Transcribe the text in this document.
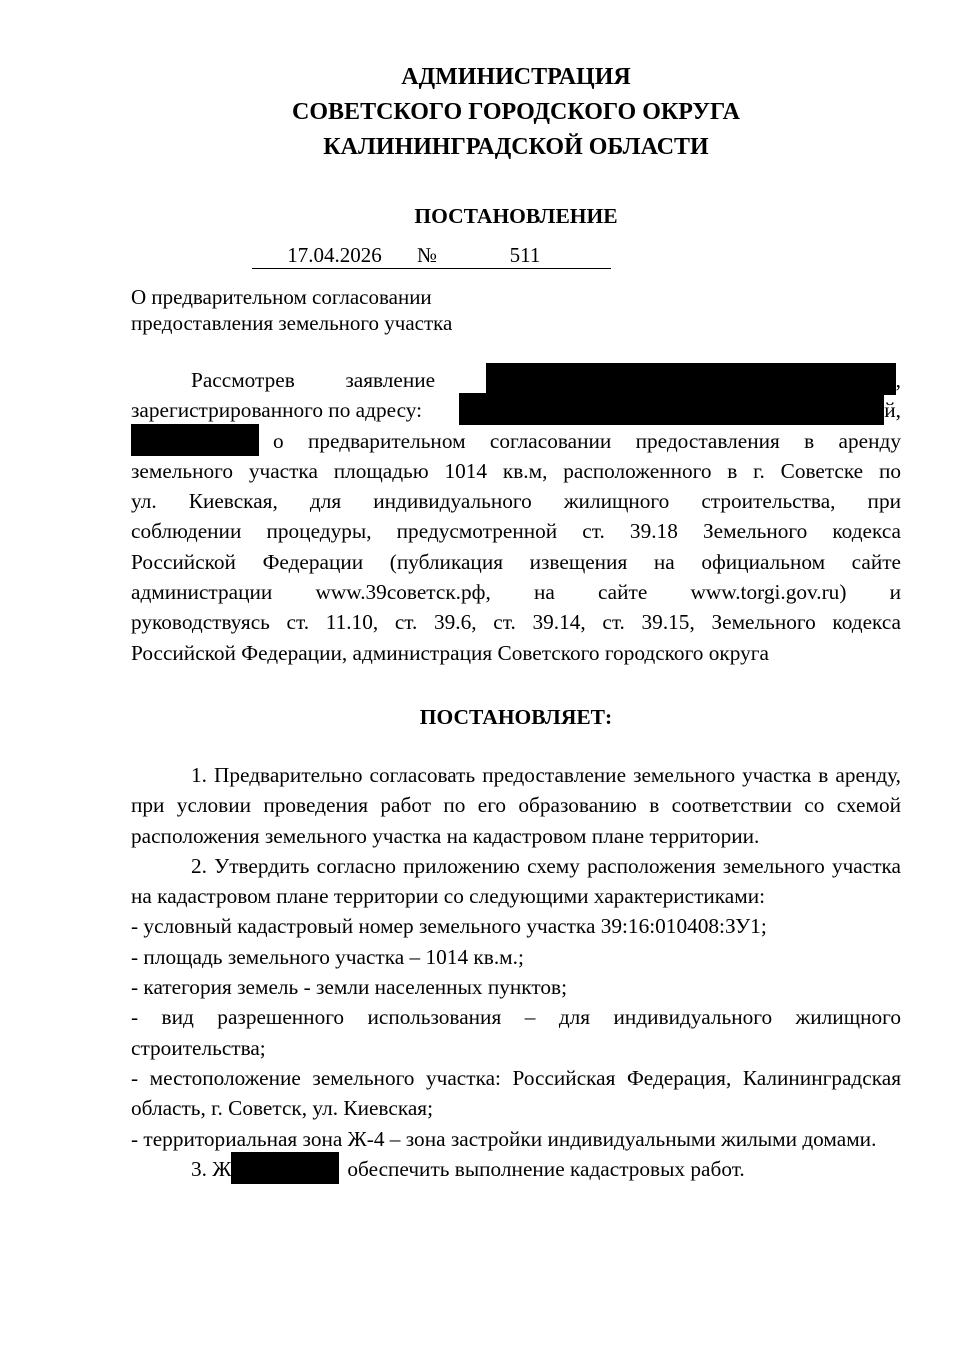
АДМИНИСТРАЦИЯ
СОВЕТСКОГО ГОРОДСКОГО ОКРУГА
КАЛИНИНГРАДСКОЙ ОБЛАСТИ
ПОСТАНОВЛЕНИЕ
17.04.2026 №	511
О предварительном согласовании
предоставления земельного участка
Рассмотрев заявление	,
зарегистрированного по адресу:	й,
о предварительном согласовании предоставления в аренду

земельного участка площадью 1014 кв.м, расположенного в г. Советске по

ул. Киевская, для индивидуального жилищного строительства, при

соблюдении процедуры, предусмотренной ст. 39.18 Земельного кодекса

Российской Федерации (публикация извещения на официальном сайте

администрации www.39советск.рф, на сайте www.torgi.gov.ru) и

руководствуясь ст. 11.10, ст. 39.6, ст. 39.14, ст. 39.15, Земельного кодекса

Российской Федерации, администрация Советского городского округа

ПОСТАНОВЛЯЕТ:

1. Предварительно согласовать предоставление земельного участка в аренду, при условии проведения работ по его образованию в соответствии со схемой расположения земельного участка на кадастровом плане территории.

2. Утвердить согласно приложению схему расположения земельного участка на кадастровом плане территории со следующими характеристиками:

- условный кадастровый номер земельного участка 39:16:010408:ЗУ1;

- площадь земельного участка – 1014 кв.м.;

- категория земель - земли населенных пунктов;

- вид разрешенного использования – для индивидуального жилищного строительства;

- местоположение земельного участка: Российская Федерация, Калининградская область, г. Советск, ул. Киевская;

- территориальная зона Ж-4 – зона застройки индивидуальными жилыми домами.

3. Ж	обеспечить выполнение кадастровых работ.
